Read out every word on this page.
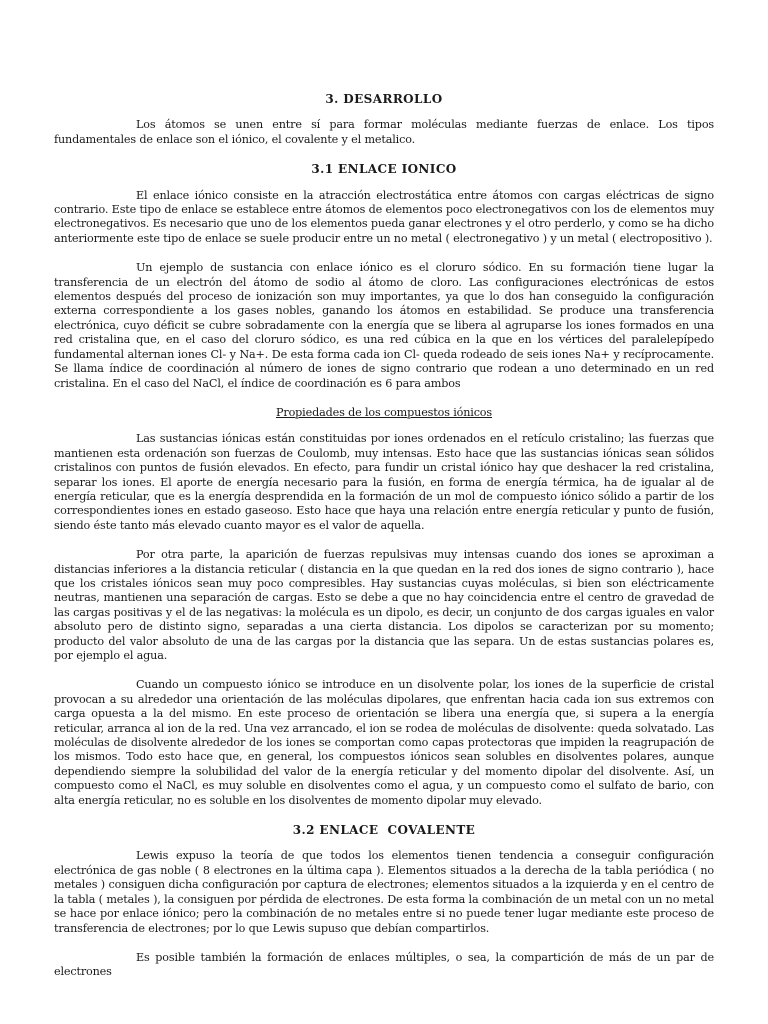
3. DESARROLLO

Los átomos se unen entre sí para formar moléculas mediante fuerzas de enlace. Los tipos fundamentales de enlace son el iónico, el covalente y el metalico.

3.1 ENLACE IONICO

El enlace iónico consiste en la atracción electrostática entre átomos con cargas eléctricas de signo contrario. Este tipo de enlace se establece entre átomos de elementos poco electronegativos con los de elementos muy electronegativos. Es necesario que uno de los elementos pueda ganar electrones y el otro perderlo, y como se ha dicho anteriormente este tipo de enlace se suele producir entre un no metal ( electronegativo ) y un metal ( electropositivo ).

Un ejemplo de sustancia con enlace iónico es el cloruro sódico. En su formación tiene lugar la transferencia de un electrón del átomo de sodio al átomo de cloro. Las configuraciones electrónicas de estos elementos después del proceso de ionización son muy importantes, ya que lo dos han conseguido la configuración externa correspondiente a los gases nobles, ganando los átomos en estabilidad. Se produce una transferencia electrónica, cuyo déficit se cubre sobradamente con la energía que se libera al agruparse los iones formados en una red cristalina que, en el caso del cloruro sódico, es una red cúbica en la que en los vértices del paralelepípedo fundamental alternan iones Cl- y Na+. De esta forma cada ion Cl- queda rodeado de seis iones Na+ y recíprocamente. Se llama índice de coordinación al número de iones de signo contrario que rodean a uno determinado en un red cristalina. En el caso del NaCl, el índice de coordinación es 6 para ambos

Propiedades de los compuestos iónicos

Las sustancias iónicas están constituidas por iones ordenados en el retículo cristalino; las fuerzas que mantienen esta ordenación son fuerzas de Coulomb, muy intensas. Esto hace que las sustancias iónicas sean sólidos cristalinos con puntos de fusión elevados. En efecto, para fundir un cristal iónico hay que deshacer la red cristalina, separar los iones. El aporte de energía necesario para la fusión, en forma de energía térmica, ha de igualar al de energía reticular, que es la energía desprendida en la formación de un mol de compuesto iónico sólido a partir de los correspondientes iones en estado gaseoso. Esto hace que haya una relación entre energía reticular y punto de fusión, siendo éste tanto más elevado cuanto mayor es el valor de aquella.

Por otra parte, la aparición de fuerzas repulsivas muy intensas cuando dos iones se aproximan a distancias inferiores a la distancia reticular ( distancia en la que quedan en la red dos iones de signo contrario ), hace que los cristales iónicos sean muy poco compresibles. Hay sustancias cuyas moléculas, si bien son eléctricamente neutras, mantienen una separación de cargas. Esto se debe a que no hay coincidencia entre el centro de gravedad de las cargas positivas y el de las negativas: la molécula es un dipolo, es decir, un conjunto de dos cargas iguales en valor absoluto pero de distinto signo, separadas a una cierta distancia. Los dipolos se caracterizan por su momento; producto del valor absoluto de una de las cargas por la distancia que las separa. Un de estas sustancias polares es, por ejemplo el agua.

Cuando un compuesto iónico se introduce en un disolvente polar, los iones de la superficie de cristal provocan a su alrededor una orientación de las moléculas dipolares, que enfrentan hacia cada ion sus extremos con carga opuesta a la del mismo. En este proceso de orientación se libera una energía que, si supera a la energía reticular, arranca al ion de la red. Una vez arrancado, el ion se rodea de moléculas de disolvente: queda solvatado. Las moléculas de disolvente alrededor de los iones se comportan como capas protectoras que impiden la reagrupación de los mismos. Todo esto hace que, en general, los compuestos iónicos sean solubles en disolventes polares, aunque dependiendo siempre la solubilidad del valor de la energía reticular y del momento dipolar del disolvente. Así, un compuesto como el NaCl, es muy soluble en disolventes como el agua, y un compuesto como el sulfato de bario, con alta energía reticular, no es soluble en los disolventes de momento dipolar muy elevado.

3.2 ENLACE  COVALENTE

Lewis expuso la teoría de que todos los elementos tienen tendencia a conseguir configuración electrónica de gas noble ( 8 electrones en la última capa ). Elementos situados a la derecha de la tabla periódica ( no metales ) consiguen dicha configuración por captura de electrones; elementos situados a la izquierda y en el centro de la tabla ( metales ), la consiguen por pérdida de electrones. De esta forma la combinación de un metal con un no metal se hace por enlace iónico; pero la combinación de no metales entre si no puede tener lugar mediante este proceso de transferencia de electrones; por lo que Lewis supuso que debían compartirlos.

Es posible también la formación de enlaces múltiples, o sea, la compartición de más de un par de electrones
